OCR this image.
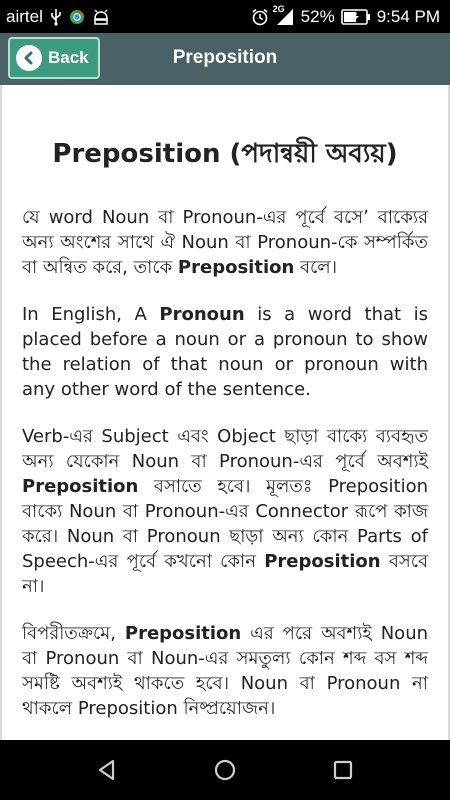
airtel	2G 52% 9:54 PM
Back	Preposition
Preposition (পদান্বয়ী অব্যয়)

যে word Noun বা Pronoun-এর পূর্বে বসে’ বাক্যের অন্য অংশের সাথে ঐ Noun বা Pronoun-কে সম্পর্কিত বা অন্বিত করে, তাকে Preposition বলে।

In English, A Pronoun is a word that is placed before a noun or a pronoun to show the relation of that noun or pronoun with any other word of the sentence.

Verb-এর Subject এবং Object ছাড়া বাক্যে ব্যবহৃত অন্য যেকোন Noun বা Pronoun-এর পূর্বে অবশ্যই Preposition বসাতে হবে। মূলতঃ Preposition বাক্যে Noun বা Pronoun-এর Connector রূপে কাজ করে। Noun বা Pronoun ছাড়া অন্য কোন Parts of Speech-এর পূর্বে কখনো কোন Preposition বসবে না।

বিপরীতক্রমে, Preposition এর পরে অবশ্যই Noun বা Pronoun বা Noun-এর সমতুল্য কোন শব্দ বস শব্দ সমষ্টি অবশ্যই থাকতে হবে। Noun বা Pronoun না থাকলে Preposition নিষ্প্রয়োজন।
